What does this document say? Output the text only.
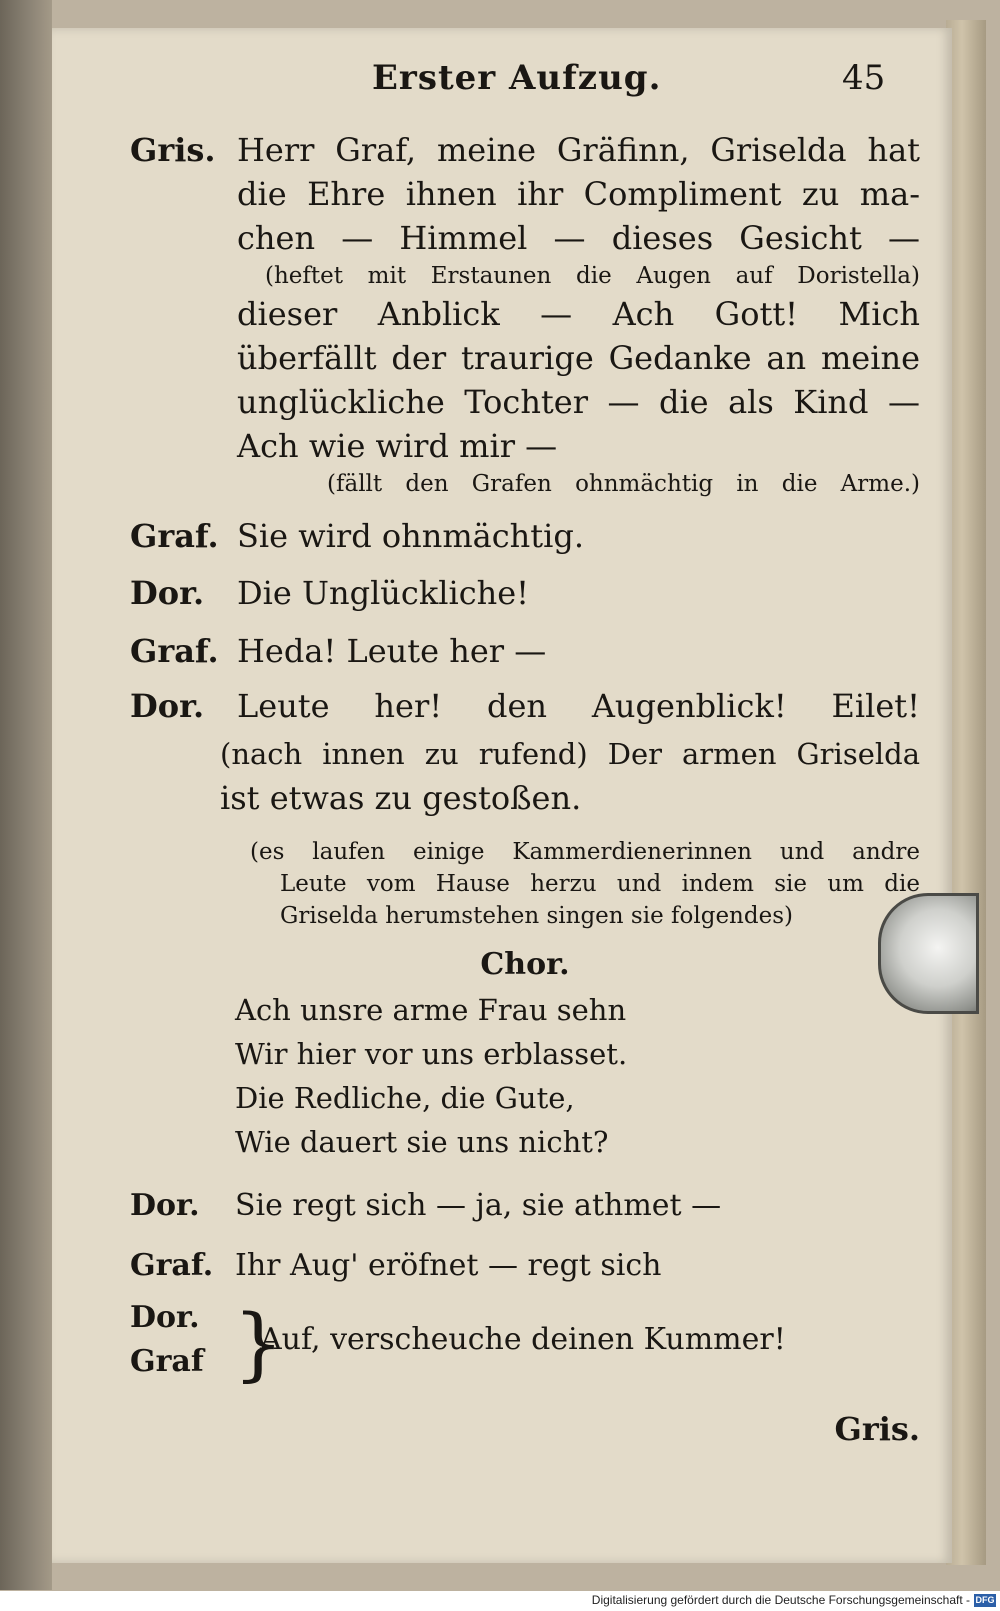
Erster Aufzug.	45
Gris. Herr Graf, meine Gräfinn, Griselda hat
die Ehre ihnen ihr Compliment zu ma-
chen — Himmel — dieses Gesicht —
(heftet mit Erstaunen die Augen auf Doristella)
dieser Anblick — Ach Gott! Mich
überfällt der traurige Gedanke an meine
unglückliche Tochter — die als Kind —
Ach wie wird mir —
(fällt den Grafen ohnmächtig in die Arme.)
Graf. Sie wird ohnmächtig.
Dor. Die Unglückliche!
Graf. Heda! Leute her —
Dor. Leute her! den Augenblick! Eilet!
(nach innen zu rufend) Der armen Griselda
ist etwas zu gestoßen.
(es laufen einige Kammerdienerinnen und andre
Leute vom Hause herzu und indem sie um die
Griselda herumstehen singen sie folgendes)
Chor.
Ach unsre arme Frau sehn
Wir hier vor uns erblasset.
Die Redliche, die Gute,
Wie dauert sie uns nicht?
Dor. Sie regt sich — ja, sie athmet —
Graf. Ihr Aug' eröfnet — regt sich
Dor.
Graf }
Auf, verscheuche deinen Kummer!
Gris.
Digitalisierung gefördert durch die Deutsche Forschungsgemeinschaft - DFG
